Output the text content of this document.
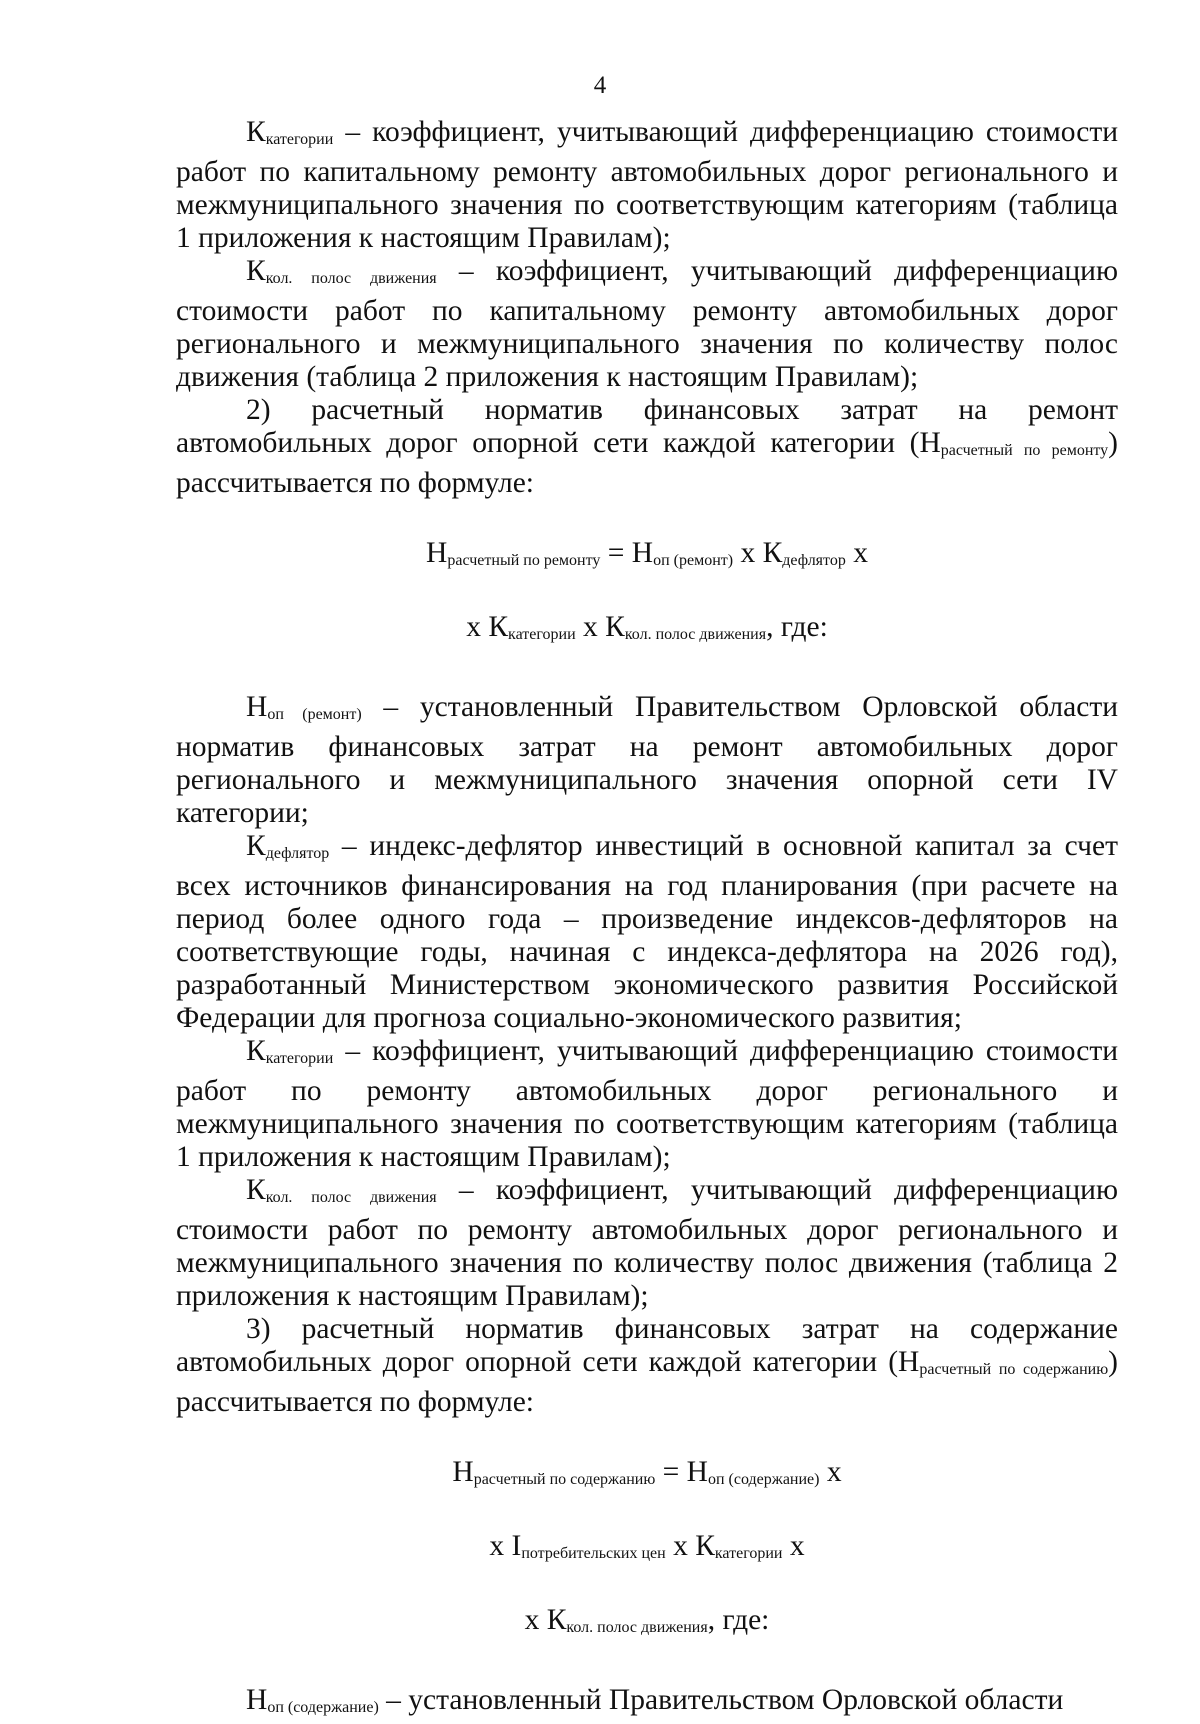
4

Ккатегории – коэффициент, учитывающий дифференциацию стоимости работ по капитальному ремонту автомобильных дорог регионального и межмуниципального значения по соответствующим категориям (таблица 1 приложения к настоящим Правилам);

Ккол. полос движения – коэффициент, учитывающий дифференциацию стоимости работ по капитальному ремонту автомобильных дорог регионального и межмуниципального значения по количеству полос движения (таблица 2 приложения к настоящим Правилам);

2) расчетный норматив финансовых затрат на ремонт автомобильных дорог опорной сети каждой категории (Нрасчетный по ремонту) рассчитывается по формуле:

Нрасчетный по ремонту = Ноп (ремонт) x Кдефлятор x

x Ккатегории x Ккол. полос движения, где:

Ноп (ремонт) – установленный Правительством Орловской области норматив финансовых затрат на ремонт автомобильных дорог регионального и межмуниципального значения опорной сети IV категории;

Кдефлятор – индекс-дефлятор инвестиций в основной капитал за счет всех источников финансирования на год планирования (при расчете на период более одного года – произведение индексов-дефляторов на соответствующие годы, начиная с индекса-дефлятора на 2026 год), разработанный Министерством экономического развития Российской Федерации для прогноза социально-экономического развития;

Ккатегории – коэффициент, учитывающий дифференциацию стоимости работ по ремонту автомобильных дорог регионального и межмуниципального значения по соответствующим категориям (таблица 1 приложения к настоящим Правилам);

Ккол. полос движения – коэффициент, учитывающий дифференциацию стоимости работ по ремонту автомобильных дорог регионального и межмуниципального значения по количеству полос движения (таблица 2 приложения к настоящим Правилам);

3) расчетный норматив финансовых затрат на содержание автомобильных дорог опорной сети каждой категории (Нрасчетный по содержанию) рассчитывается по формуле:

Нрасчетный по содержанию = Ноп (содержание) x

x Iпотребительских цен x Ккатегории x

x Ккол. полос движения, где:

Ноп (содержание) – установленный Правительством Орловской области
